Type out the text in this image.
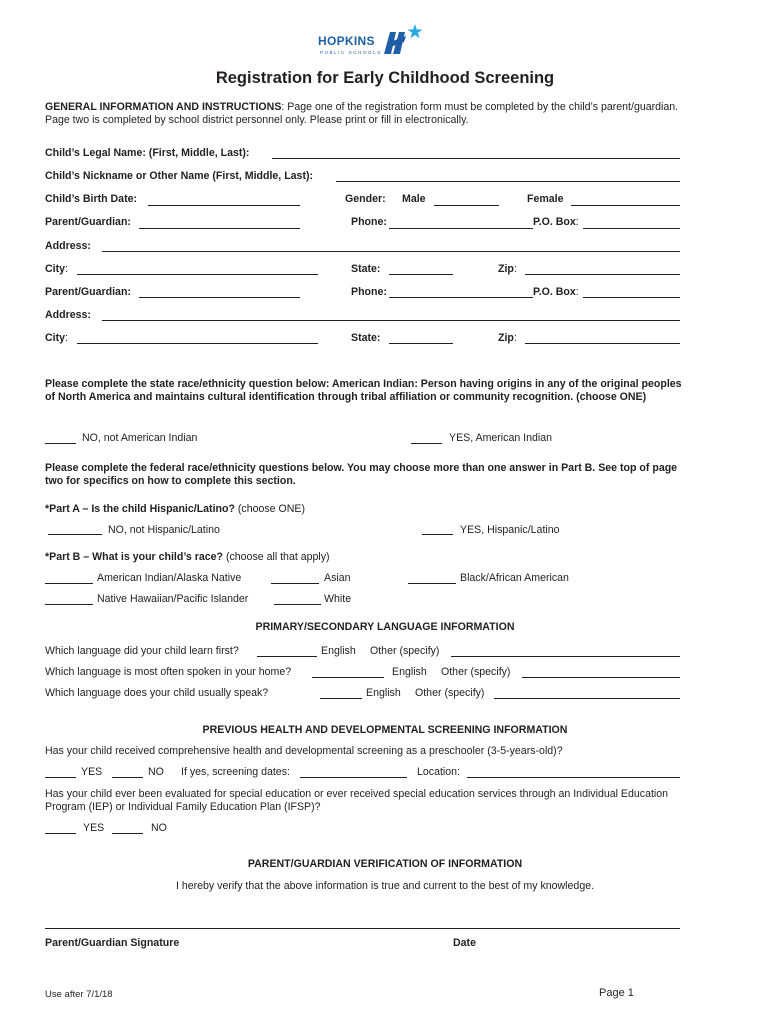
HOPKINS
PUBLIC SCHOOLS
Registration for Early Childhood Screening
GENERAL INFORMATION AND INSTRUCTIONS: Page one of the registration form must be completed by the child’s parent/guardian. Page two is completed by school district personnel only. Please print or fill in electronically.
Child’s Legal Name: (First, Middle, Last):
Child’s Nickname or Other Name (First, Middle, Last):
Child’s Birth Date:	Gender: Male	Female
Parent/Guardian:	Phone:	P.O. Box:
Address:
City:	State:	Zip:
Parent/Guardian:	Phone:	P.O. Box:
Address:
City:	State:	Zip:
Please complete the state race/ethnicity question below: American Indian: Person having origins in any of the original peoples of North America and maintains cultural identification through tribal affiliation or community recognition. (choose ONE)
NO, not American Indian	YES, American Indian
Please complete the federal race/ethnicity questions below. You may choose more than one answer in Part B. See top of page two for specifics on how to complete this section.
*Part A – Is the child Hispanic/Latino? (choose ONE)
NO, not Hispanic/Latino	YES, Hispanic/Latino
*Part B – What is your child’s race? (choose all that apply)
American Indian/Alaska Native	Asian	Black/African American
Native Hawaiian/Pacific Islander	White
PRIMARY/SECONDARY LANGUAGE INFORMATION
Which language did your child learn first?	English Other (specify)
Which language is most often spoken in your home?	English Other (specify)
Which language does your child usually speak?	English Other (specify)
PREVIOUS HEALTH AND DEVELOPMENTAL SCREENING INFORMATION
Has your child received comprehensive health and developmental screening as a preschooler (3-5-years-old)?
YES	NO If yes, screening dates:	Location:
Has your child ever been evaluated for special education or ever received special education services through an Individual Education Program (IEP) or Individual Family Education Plan (IFSP)?
YES	NO
PARENT/GUARDIAN VERIFICATION OF INFORMATION
I hereby verify that the above information is true and current to the best of my knowledge.
Parent/Guardian Signature	Date
Use after 7/1/18	Page 1
